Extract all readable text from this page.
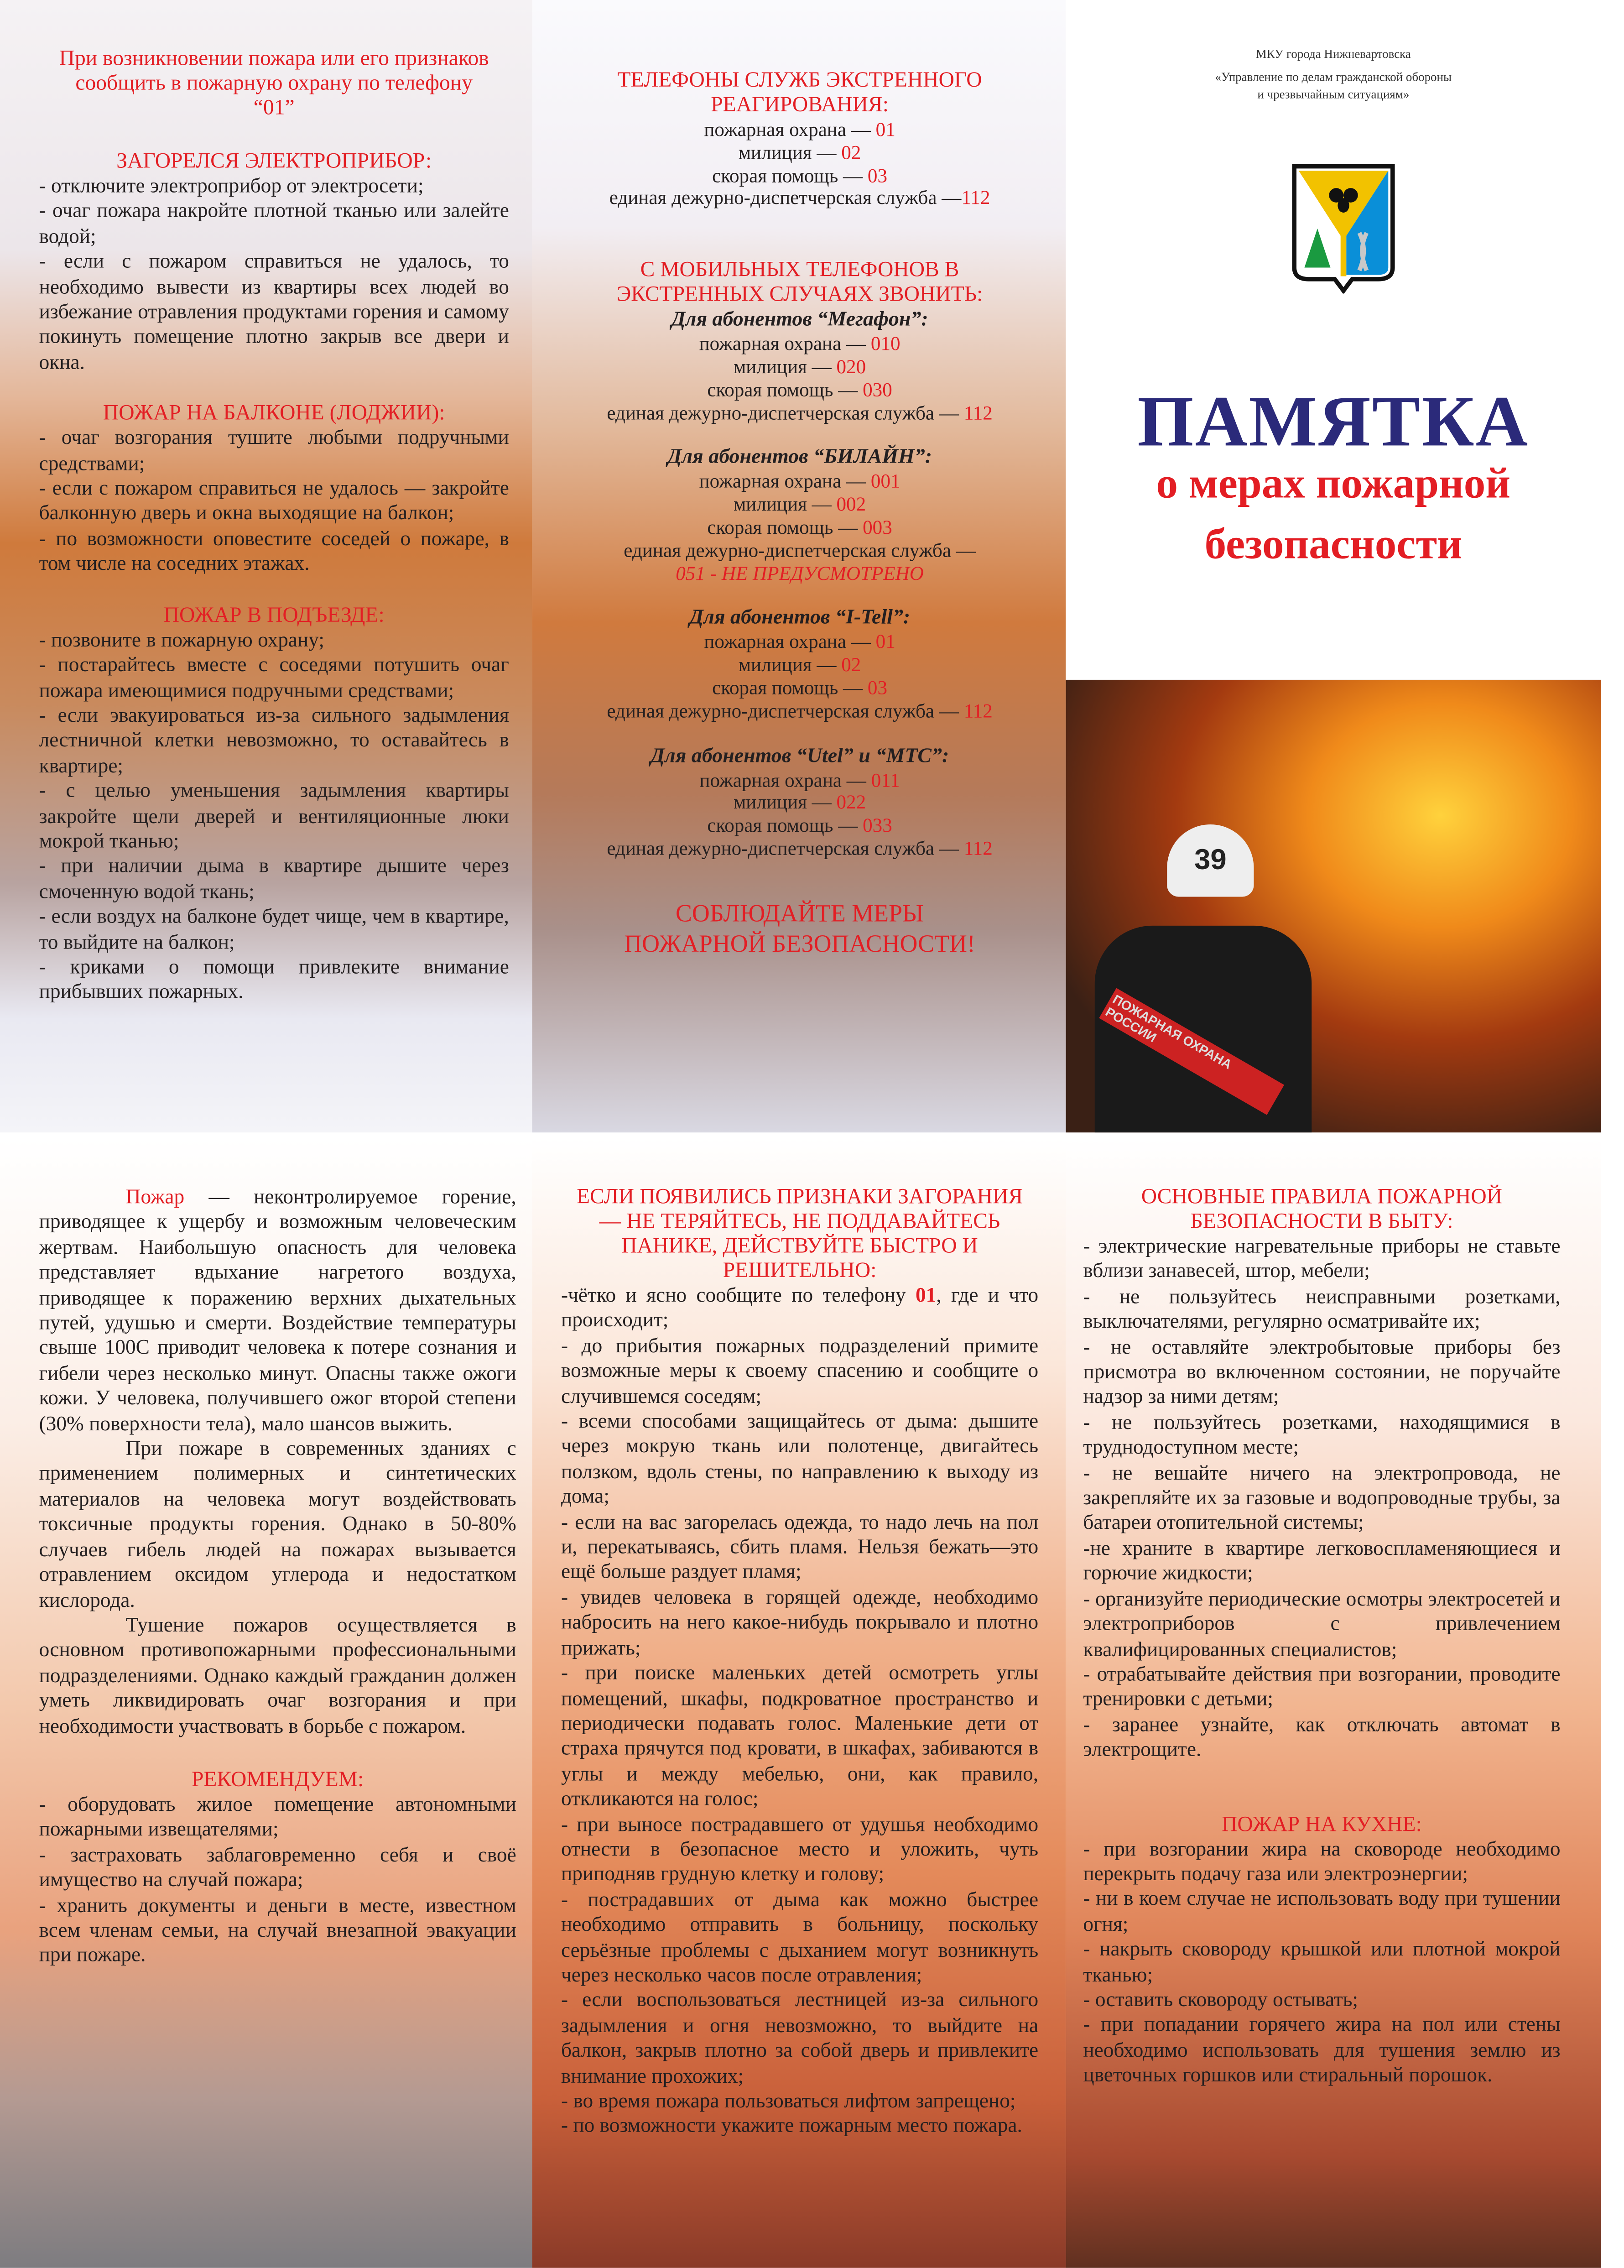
При возникновении пожара или его признаков сообщить в пожарную охрану по телефону “01”

ЗАГОРЕЛСЯ ЭЛЕКТРОПРИБОР:

- отключите электроприбор от электросети;

- очаг пожара накройте плотной тканью или залейте водой;

- если с пожаром справиться не удалось, то необходимо вывести из квартиры всех людей во избежание отравления продуктами горения и самому покинуть помещение плотно закрыв все двери и окна.

ПОЖАР НА БАЛКОНЕ (ЛОДЖИИ):

- очаг возгорания тушите любыми подручными средствами;

- если с пожаром справиться не удалось — закройте балконную дверь и окна выходящие на балкон;

- по возможности оповестите соседей о пожаре, в том числе на соседних этажах.

ПОЖАР В ПОДЪЕЗДЕ:

- позвоните в пожарную охрану;

- постарайтесь вместе с соседями потушить очаг пожара имеющимися подручными средствами;

- если эвакуироваться из-за сильного задымления лестничной клетки невозможно, то оставайтесь в квартире;

- с целью уменьшения задымления квартиры закройте щели дверей и вентиляционные люки мокрой тканью;

- при наличии дыма в квартире дышите через смоченную водой ткань;

- если воздух на балконе будет чище, чем в квартире, то выйдите на балкон;

- криками о помощи привлеките внимание прибывших пожарных.

ТЕЛЕФОНЫ СЛУЖБ ЭКСТРЕННОГО РЕАГИРОВАНИЯ:

пожарная охрана — 01

милиция — 02

скорая помощь — 03

единая дежурно-диспетчерская служба —112

С МОБИЛЬНЫХ ТЕЛЕФОНОВ В ЭКСТРЕННЫХ СЛУЧАЯХ ЗВОНИТЬ:

Для абонентов “Мегафон”:

пожарная охрана — 010

милиция — 020

скорая помощь — 030

единая дежурно-диспетчерская служба — 112

Для абонентов “БИЛАЙН”:

пожарная охрана — 001

милиция — 002

скорая помощь — 003

единая дежурно-диспетчерская служба —

051 - НЕ ПРЕДУСМОТРЕНО

Для абонентов “I-Tell”:

пожарная охрана — 01

милиция — 02

скорая помощь — 03

единая дежурно-диспетчерская служба — 112

Для абонентов “Utel” и “МТС”:

пожарная охрана — 011

милиция — 022

скорая помощь — 033

единая дежурно-диспетчерская служба — 112

СОБЛЮДАЙТЕ МЕРЫ ПОЖАРНОЙ БЕЗОПАСНОСТИ!

МКУ города Нижневартовска

«Управление по делам гражданской обороны

и чрезвычайным ситуациям»

ПАМЯТКА
о мерах пожарной
безопасности
39
ПОЖАРНАЯ ОХРАНА РОССИИ

Пожар — неконтролируемое горение, приводящее к ущербу и возможным человеческим жертвам. Наибольшую опасность для человека представляет вдыхание нагретого воздуха, приводящее к поражению верхних дыхательных путей, удушью и смерти. Воздействие температуры свыше 100С приводит человека к потере сознания и гибели через несколько минут. Опасны также ожоги кожи. У человека, получившего ожог второй степени (30% поверхности тела), мало шансов выжить.

При пожаре в современных зданиях с применением полимерных и синтетических материалов на человека могут воздействовать токсичные продукты горения. Однако в 50-80% случаев гибель людей на пожарах вызывается отравлением оксидом углерода и недостатком кислорода.

Тушение пожаров осуществляется в основном противопожарными профессиональными подразделениями. Однако каждый гражданин должен уметь ликвидировать очаг возгорания и при необходимости участвовать в борьбе с пожаром.

РЕКОМЕНДУЕМ:

- оборудовать жилое помещение автономными пожарными извещателями;

- застраховать заблаговременно себя и своё имущество на случай пожара;

- хранить документы и деньги в месте, известном всем членам семьи, на случай внезапной эвакуации при пожаре.

ЕСЛИ ПОЯВИЛИСЬ ПРИЗНАКИ ЗАГОРАНИЯ — НЕ ТЕРЯЙТЕСЬ, НЕ ПОДДАВАЙТЕСЬ ПАНИКЕ, ДЕЙСТВУЙТЕ БЫСТРО И РЕШИТЕЛЬНО:

-чётко и ясно сообщите по телефону 01, где и что происходит;

- до прибытия пожарных подразделений примите возможные меры к своему спасению и сообщите о случившемся соседям;

- всеми способами защищайтесь от дыма: дышите через мокрую ткань или полотенце, двигайтесь ползком, вдоль стены, по направлению к выходу из дома;

- если на вас загорелась одежда, то надо лечь на пол и, перекатываясь, сбить пламя. Нельзя бежать—это ещё больше раздует пламя;

- увидев человека в горящей одежде, необходимо набросить на него какое-нибудь покрывало и плотно прижать;

- при поиске маленьких детей осмотреть углы помещений, шкафы, подкроватное пространство и периодически подавать голос. Маленькие дети от страха прячутся под кровати, в шкафах, забиваются в углы и между мебелью, они, как правило, откликаются на голос;

- при выносе пострадавшего от удушья необходимо отнести в безопасное место и уложить, чуть приподняв грудную клетку и голову;

- пострадавших от дыма как можно быстрее необходимо отправить в больницу, поскольку серьёзные проблемы с дыханием могут возникнуть через несколько часов после отравления;

- если воспользоваться лестницей из-за сильного задымления и огня невозможно, то выйдите на балкон, закрыв плотно за собой дверь и привлеките внимание прохожих;

- во время пожара пользоваться лифтом запрещено;

- по возможности укажите пожарным место пожара.

ОСНОВНЫЕ ПРАВИЛА ПОЖАРНОЙ БЕЗОПАСНОСТИ В БЫТУ:

- электрические нагревательные приборы не ставьте вблизи занавесей, штор, мебели;

- не пользуйтесь неисправными розетками, выключателями, регулярно осматривайте их;

- не оставляйте электробытовые приборы без присмотра во включенном состоянии, не поручайте надзор за ними детям;

- не пользуйтесь розетками, находящимися в труднодоступном месте;

- не вешайте ничего на электропровода, не закрепляйте их за газовые и водопроводные трубы, за батареи отопительной системы;

-не храните в квартире легковоспламеняющиеся и горючие жидкости;

- организуйте периодические осмотры электросетей и электроприборов с привлечением квалифицированных специалистов;

- отрабатывайте действия при возгорании, проводите тренировки с детьми;

- заранее узнайте, как отключать автомат в электрощите.

ПОЖАР НА КУХНЕ:

- при возгорании жира на сковороде необходимо перекрыть подачу газа или электроэнергии;

- ни в коем случае не использовать воду при тушении огня;

- накрыть сковороду крышкой или плотной мокрой тканью;

- оставить сковороду остывать;

- при попадании горячего жира на пол или стены необходимо использовать для тушения землю из цветочных горшков или стиральный порошок.
